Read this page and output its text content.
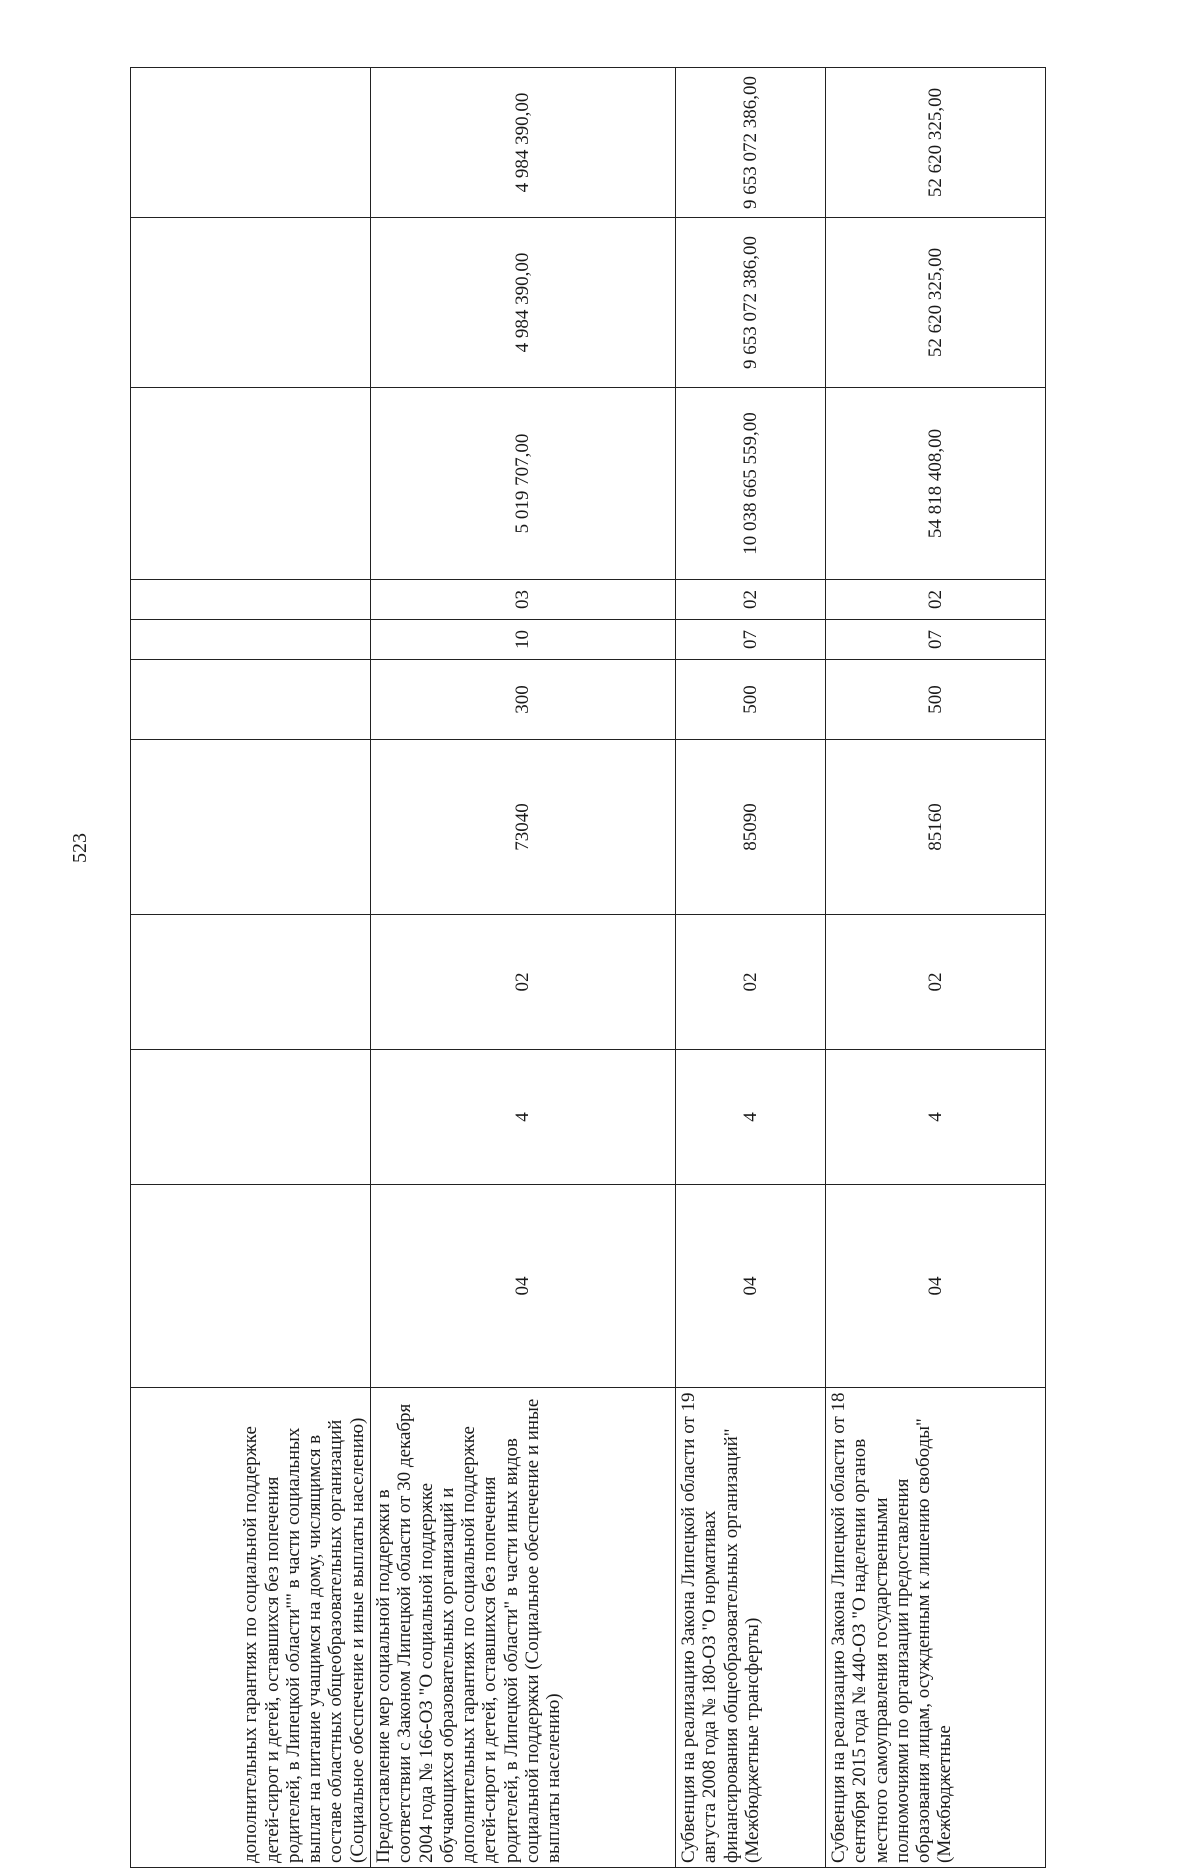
523
дополнительных гарантиях по социальной поддержке детей-сирот и детей, оставшихся без попечения родителей, в Липецкой области"" в части социальных выплат на питание учащимся на дому, числящимся в составе областных общеобразовательных организаций (Социальное обеспечение и иные выплаты населению)										
Предоставление мер социальной поддержки в соответствии с Законом Липецкой области от 30 декабря 2004 года № 166-ОЗ "О социальной поддержке обучающихся образовательных организаций и дополнительных гарантиях по социальной поддержке детей-сирот и детей, оставшихся без попечения родителей, в Липецкой области" в части иных видов социальной поддержки (Социальное обеспечение и иные выплаты населению)	04	4	02	73040	300	10	03	5 019 707,00	4 984 390,00	4 984 390,00
Субвенция на реализацию Закона Липецкой области от 19 августа 2008 года № 180-ОЗ "О нормативах финансирования общеобразовательных организаций" (Межбюджетные трансферты)	04	4	02	85090	500	07	02	10 038 665 559,00	9 653 072 386,00	9 653 072 386,00
Субвенция на реализацию Закона Липецкой области от 18 сентября 2015 года № 440-ОЗ "О наделении органов местного самоуправления государственными полномочиями по организации предоставления образования лицам, осужденным к лишению свободы" (Межбюджетные	04	4	02	85160	500	07	02	54 818 408,00	52 620 325,00	52 620 325,00
